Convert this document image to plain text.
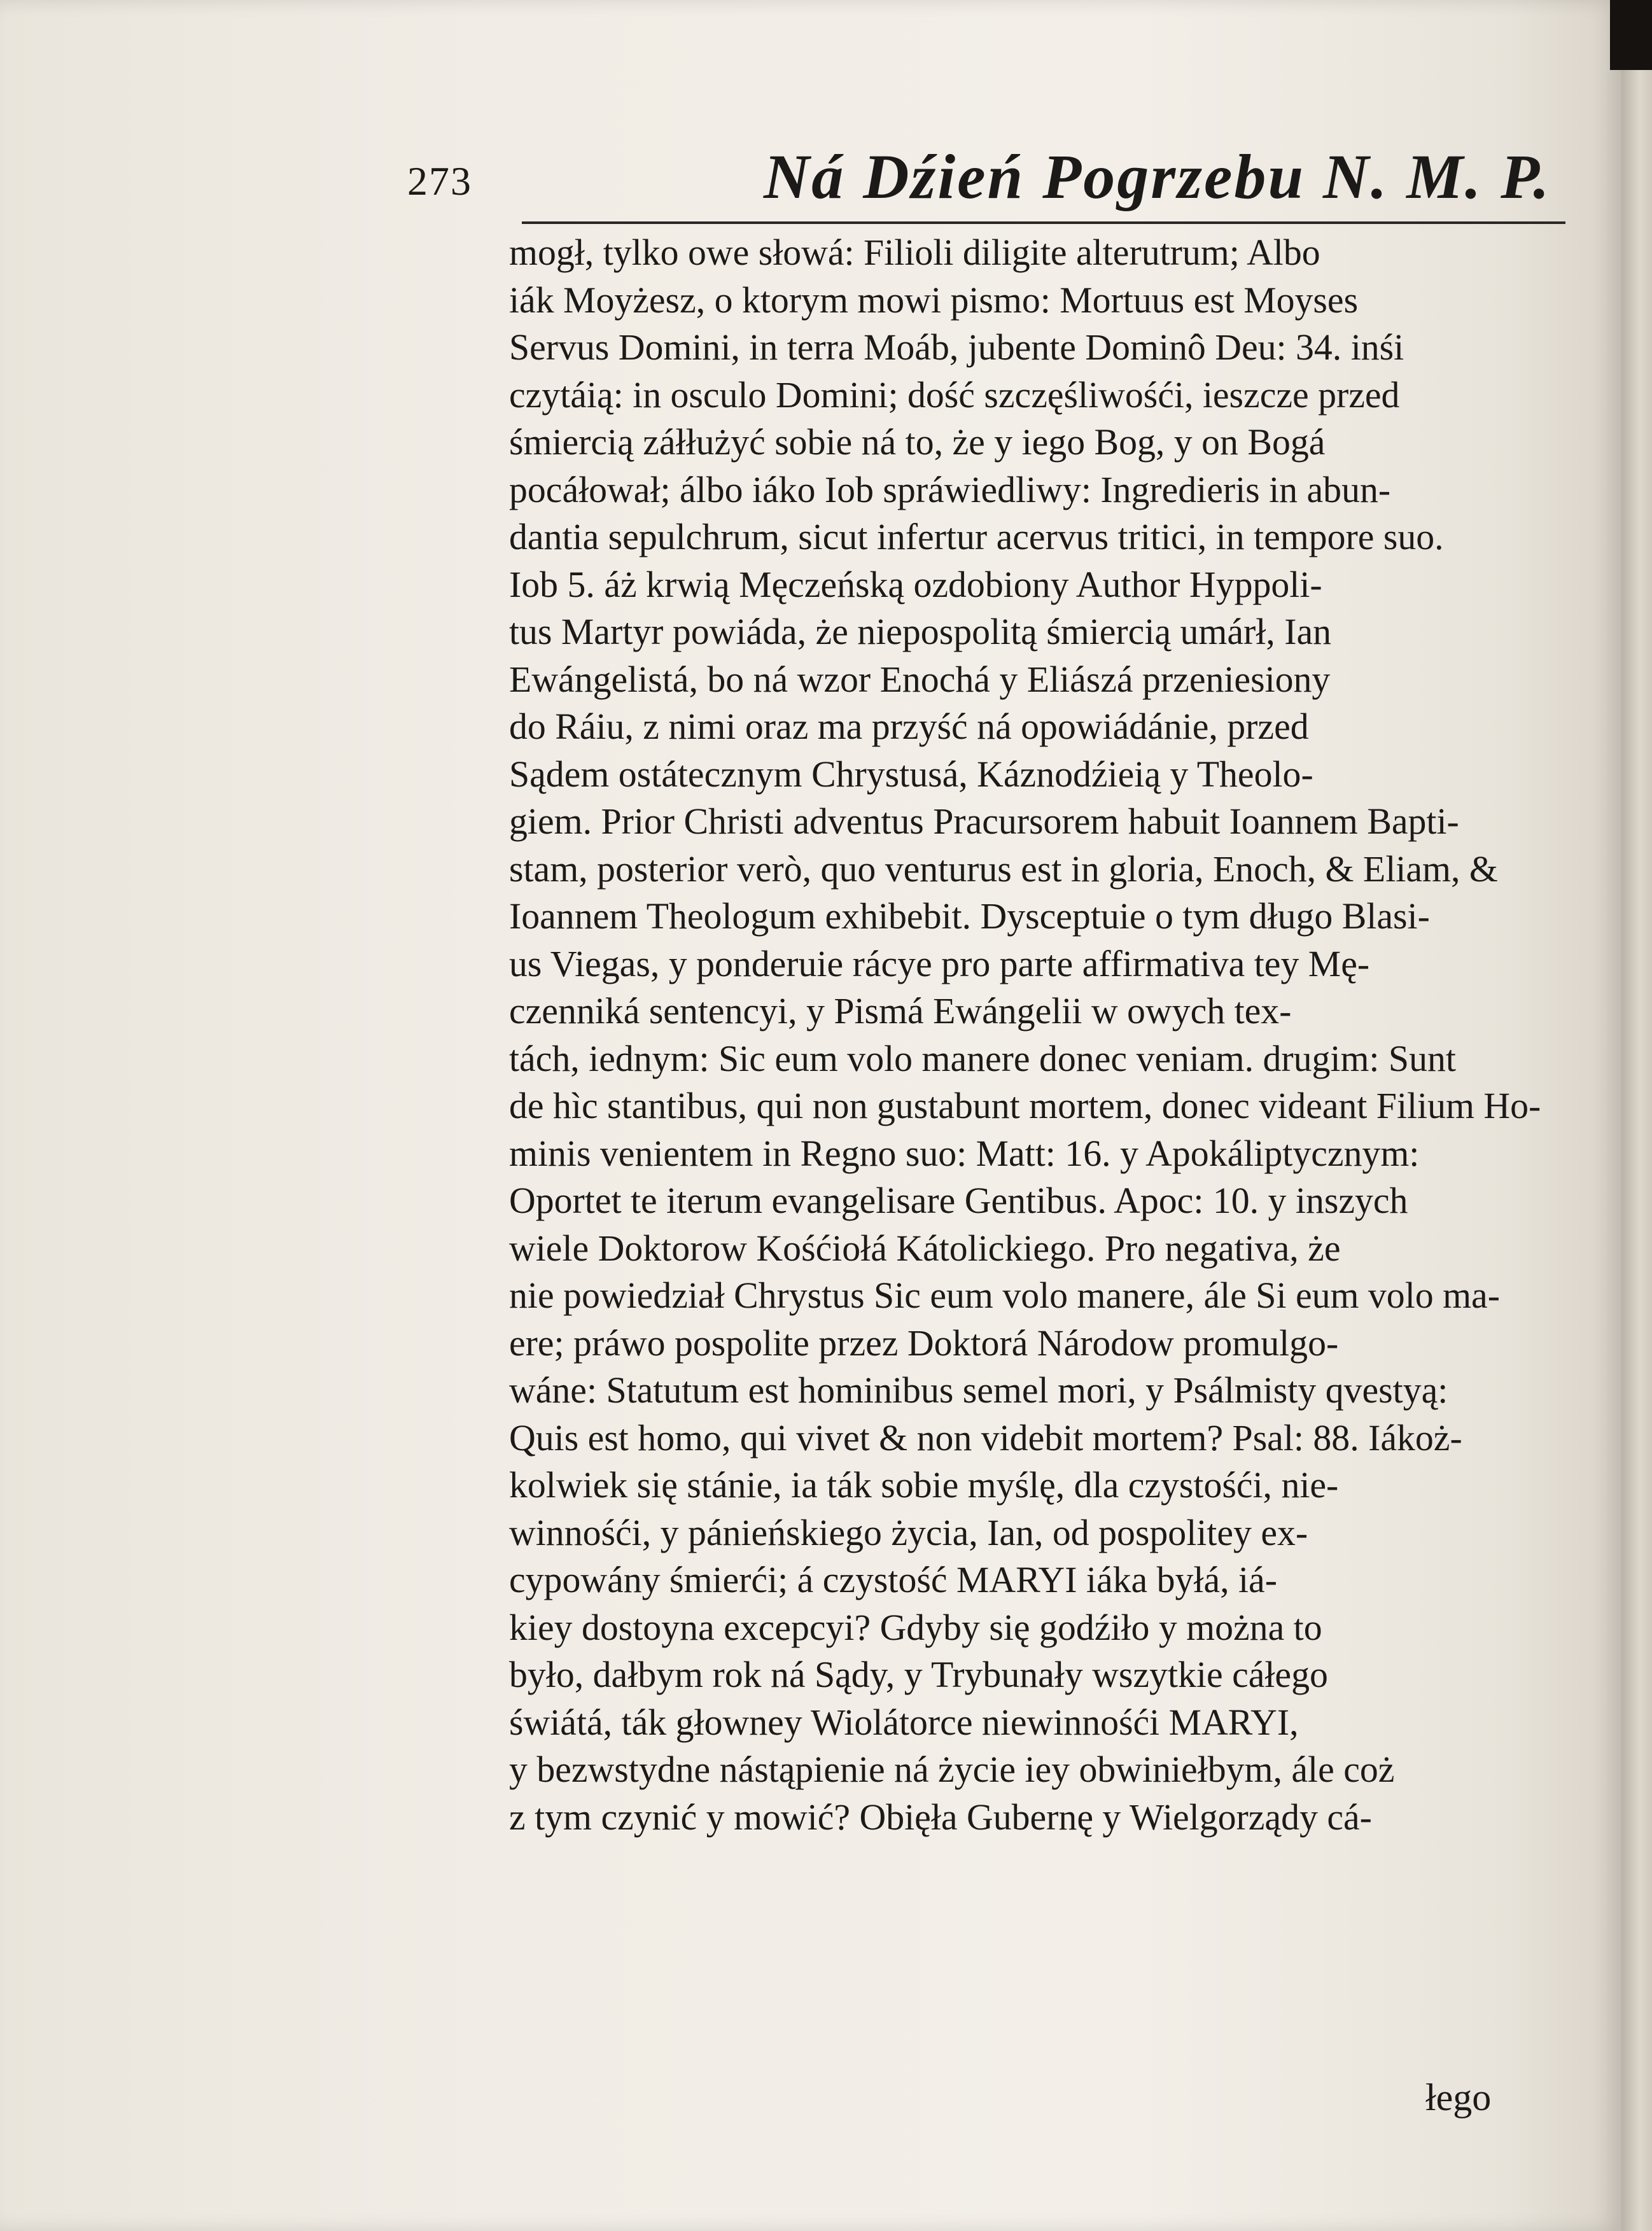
273	Ná Dźień Pogrzebu N. M. P.
mogł, tylko owe słowá: Filioli diligite alterutrum; Albo
iák Moyżesz, o ktorym mowi pismo: Mortuus est Moyses
Servus Domini, in terra Moáb, jubente Dominô Deu: 34. inśi
czytáią: in osculo Domini; dość szczęśliwośći, ieszcze przed
śmiercią záłłużyć sobie ná to, że y iego Bog, y on Bogá
pocáłował; álbo iáko Iob spráwiedliwy: Ingredieris in abun-
dantia sepulchrum, sicut infertur acervus tritici, in tempore suo.
Iob 5. áż krwią Męczeńską ozdobiony Author Hyppoli-
tus Martyr powiáda, że niepospolitą śmiercią umárł, Ian
Ewángelistá, bo ná wzor Enochá y Eliászá przeniesiony
do Ráiu, z nimi oraz ma przyść ná opowiádánie, przed
Sądem ostátecznym Chrystusá, Káznodźieią y Theolo-
giem. Prior Christi adventus Pracursorem habuit Ioannem Bapti-
stam, posterior verò, quo venturus est in gloria, Enoch, & Eliam, &
Ioannem Theologum exhibebit. Dysceptuie o tym długo Blasi-
us Viegas, y ponderuie rácye pro parte affirmativa tey Mę-
czenniká sentencyi, y Pismá Ewángelii w owych tex-
tách, iednym: Sic eum volo manere donec veniam. drugim: Sunt
de hìc stantibus, qui non gustabunt mortem, donec videant Filium Ho-
minis venientem in Regno suo: Matt: 16. y Apokáliptycznym:
Oportet te iterum evangelisare Gentibus. Apoc: 10. y inszych
wiele Doktorow Kośćiołá Kátolickiego. Pro negativa, że
nie powiedział Chrystus Sic eum volo manere, ále Si eum volo ma-
ere; práwo pospolite przez Doktorá Národow promulgo-
wáne: Statutum est hominibus semel mori, y Psálmisty qvestyą:
Quis est homo, qui vivet & non videbit mortem? Psal: 88. Iákoż-
kolwiek się stánie, ia ták sobie myślę, dla czystośći, nie-
winnośći, y pánieńskiego życia, Ian, od pospolitey ex-
cypowány śmierći; á czystość MARYI iáka byłá, iá-
kiey dostoyna excepcyi? Gdyby się godźiło y można to
było, dałbym rok ná Sądy, y Trybunały wszytkie cáłego
świátá, ták głowney Wiolátorce niewinnośći MARYI,
y bezwstydne nástąpienie ná życie iey obwiniełbym, ále coż
z tym czynić y mowić? Obięła Gubernę y Wielgorządy cá-
łego
